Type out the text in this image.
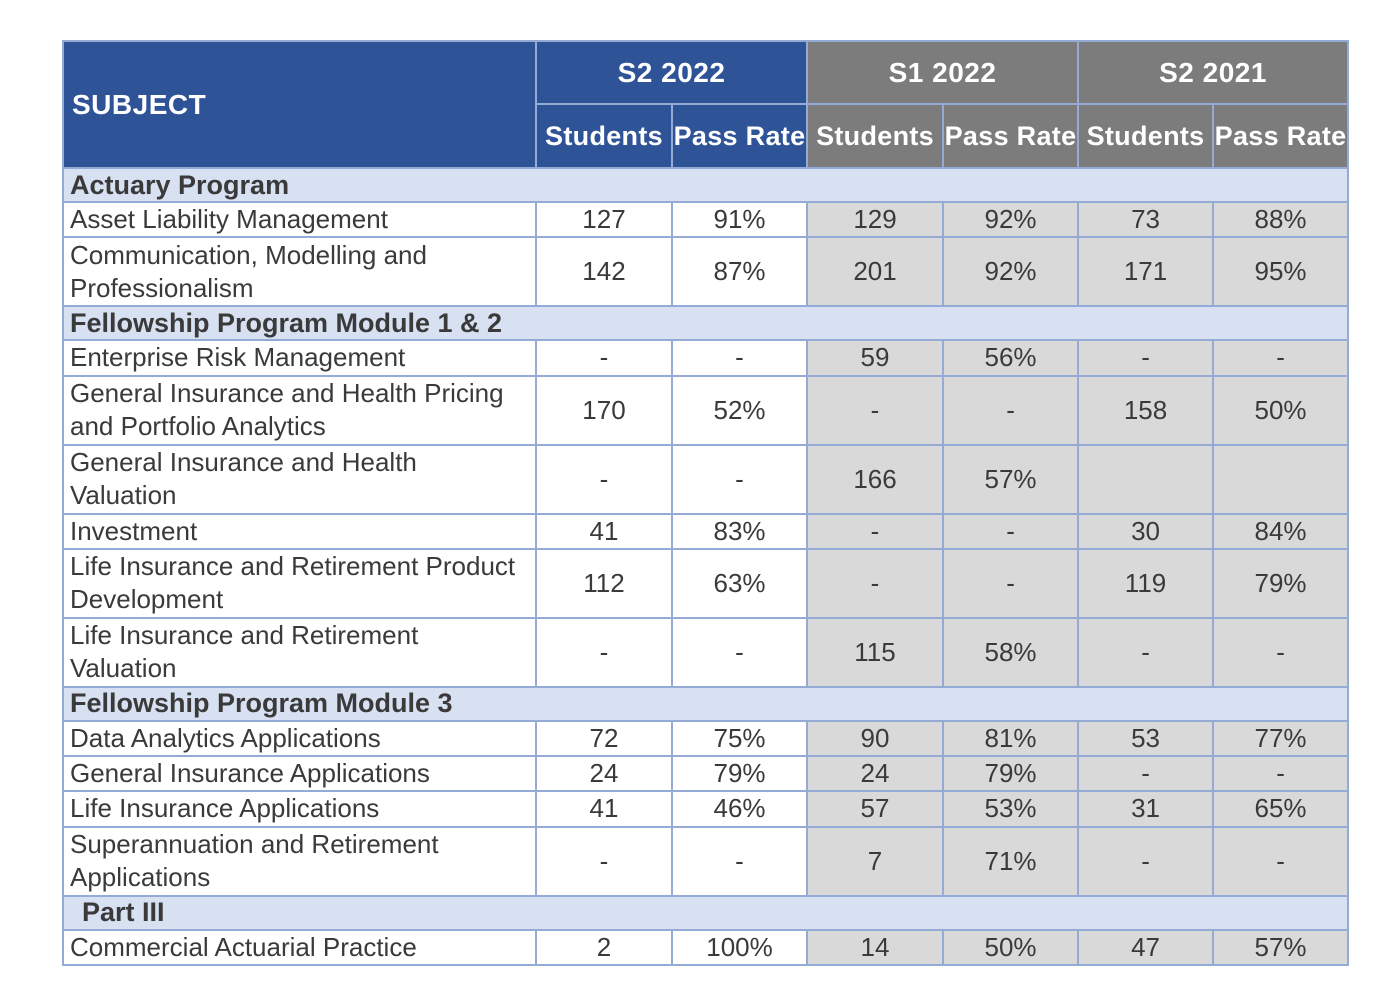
SUBJECT	S2 2022		S1 2022		S2 2021	
	Students	Pass Rate	Students	Pass Rate	Students	Pass Rate
Actuary Program						
Asset Liability Management	127	91%	129	92%	73	88%
Communication, Modelling and Professionalism	142	87%	201	92%	171	95%
Fellowship Program Module 1 & 2						
Enterprise Risk Management	-	-	59	56%	-	-
General Insurance and Health Pricing and Portfolio Analytics	170	52%	-	-	158	50%
General Insurance and Health Valuation	-	-	166	57%		
Investment	41	83%	-	-	30	84%
Life Insurance and Retirement Product Development	112	63%	-	-	119	79%
Life Insurance and Retirement Valuation	-	-	115	58%	-	-
Fellowship Program Module 3						
Data Analytics Applications	72	75%	90	81%	53	77%
General Insurance Applications	24	79%	24	79%	-	-
Life Insurance Applications	41	46%	57	53%	31	65%
Superannuation and Retirement Applications	-	-	7	71%	-	-
Part III						
Commercial Actuarial Practice	2	100%	14	50%	47	57%
